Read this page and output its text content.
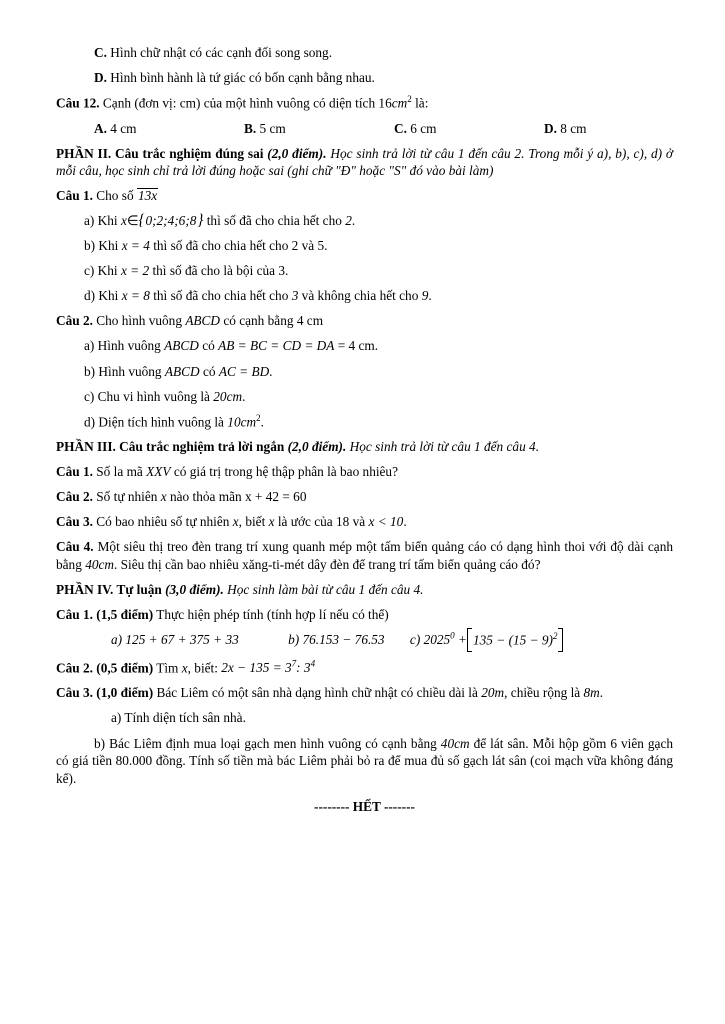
C. Hình chữ nhật có các cạnh đối song song.
D. Hình bình hành là tứ giác có bốn cạnh bằng nhau.
Câu 12. Cạnh (đơn vị: cm) của một hình vuông có diện tích $16cm^2$ là:
A. 4 cm	B. 5 cm	C. 6 cm	D. 8 cm
PHẦN II. Câu trắc nghiệm đúng sai (2,0 điểm). Học sinh trả lời từ câu 1 đến câu 2. Trong mỗi ý a), b), c), d) ở mỗi câu, học sinh chỉ trả lời đúng hoặc sai (ghi chữ "Đ" hoặc "S" đó vào bài làm)
Câu 1. Cho số 13x
a) Khi x∈ { 0;2;4;6;8 } thì số đã cho chia hết cho 2.
b) Khi x = 4 thì số đã cho chia hết cho 2 và 5.
c) Khi x = 2 thì số đã cho là bội của 3.
d) Khi x = 8 thì số đã cho chia hết cho 3 và không chia hết cho 9.
Câu 2. Cho hình vuông ABCD có cạnh bằng 4 cm
a) Hình vuông ABCD có AB = BC = CD = DA = 4 cm.
b) Hình vuông ABCD có AC = BD.
c) Chu vi hình vuông là 20cm.
d) Diện tích hình vuông là $10cm^2$.
PHẦN III. Câu trắc nghiệm trả lời ngắn (2,0 điểm). Học sinh trả lời từ câu 1 đến câu 4.
Câu 1. Số la mã XXV có giá trị trong hệ thập phân là bao nhiêu?
Câu 2. Số tự nhiên x nào thỏa mãn x + 42 = 60
Câu 3. Có bao nhiêu số tự nhiên x, biết x là ước của 18 và x < 10.
Câu 4. Một siêu thị treo đèn trang trí xung quanh mép một tấm biển quảng cáo có dạng hình thoi với độ dài cạnh bằng 40cm. Siêu thị cần bao nhiêu xăng-ti-mét dây đèn để trang trí tấm biển quảng cáo đó?
PHẦN IV. Tự luận (3,0 điểm). Học sinh làm bài từ câu 1 đến câu 4.
Câu 1. (1,5 điểm) Thực hiện phép tính (tính hợp lí nếu có thể)
a) 125 + 67 + 375 + 33	b) 76.153 − 76.53 c) $2025^0 + 135 - (15 - 9)^2$
Câu 2. (0,5 điểm) Tìm x, biết: $2x - 135 = 3^7$: $3^4$
Câu 3. (1,0 điểm) Bác Liêm có một sân nhà dạng hình chữ nhật có chiều dài là 20m, chiều rộng là 8m.
a) Tính diện tích sân nhà.
b) Bác Liêm định mua loại gạch men hình vuông có cạnh bằng 40cm để lát sân. Mỗi hộp gồm 6 viên gạch có giá tiền 80.000 đồng. Tính số tiền mà bác Liêm phải bỏ ra để mua đủ số gạch lát sân (coi mạch vữa không đáng kể).
-------- HẾT -------
